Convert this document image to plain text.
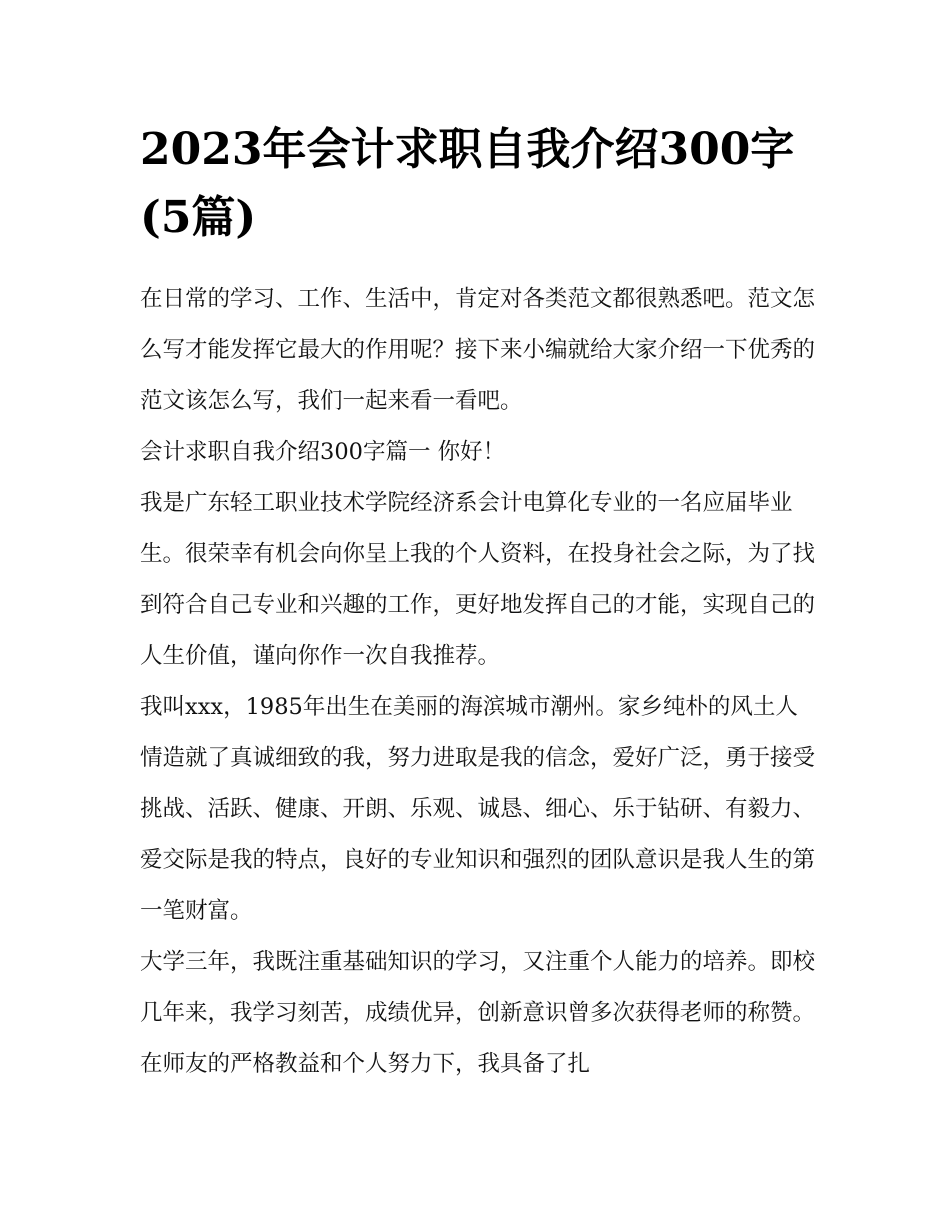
2023年会计求职自我介绍300字(5篇)

在日常的学习、工作、生活中，肯定对各类范文都很熟悉吧。范文怎么写才能发挥它最大的作用呢？接下来小编就给大家介绍一下优秀的范文该怎么写，我们一起来看一看吧。

会计求职自我介绍300字篇一 你好！

我是广东轻工职业技术学院经济系会计电算化专业的一名应届毕业生。很荣幸有机会向你呈上我的个人资料，在投身社会之际，为了找到符合自己专业和兴趣的工作，更好地发挥自己的才能，实现自己的人生价值，谨向你作一次自我推荐。

我叫xxx，1985年出生在美丽的海滨城市潮州。家乡纯朴的风土人情造就了真诚细致的我，努力进取是我的信念，爱好广泛，勇于接受挑战、活跃、健康、开朗、乐观、诚恳、细心、乐于钻研、有毅力、爱交际是我的特点，良好的专业知识和强烈的团队意识是我人生的第一笔财富。

大学三年，我既注重基础知识的学习，又注重个人能力的培养。即校几年来，我学习刻苦，成绩优异，创新意识曾多次获得老师的称赞。在师友的严格教益和个人努力下，我具备了扎
